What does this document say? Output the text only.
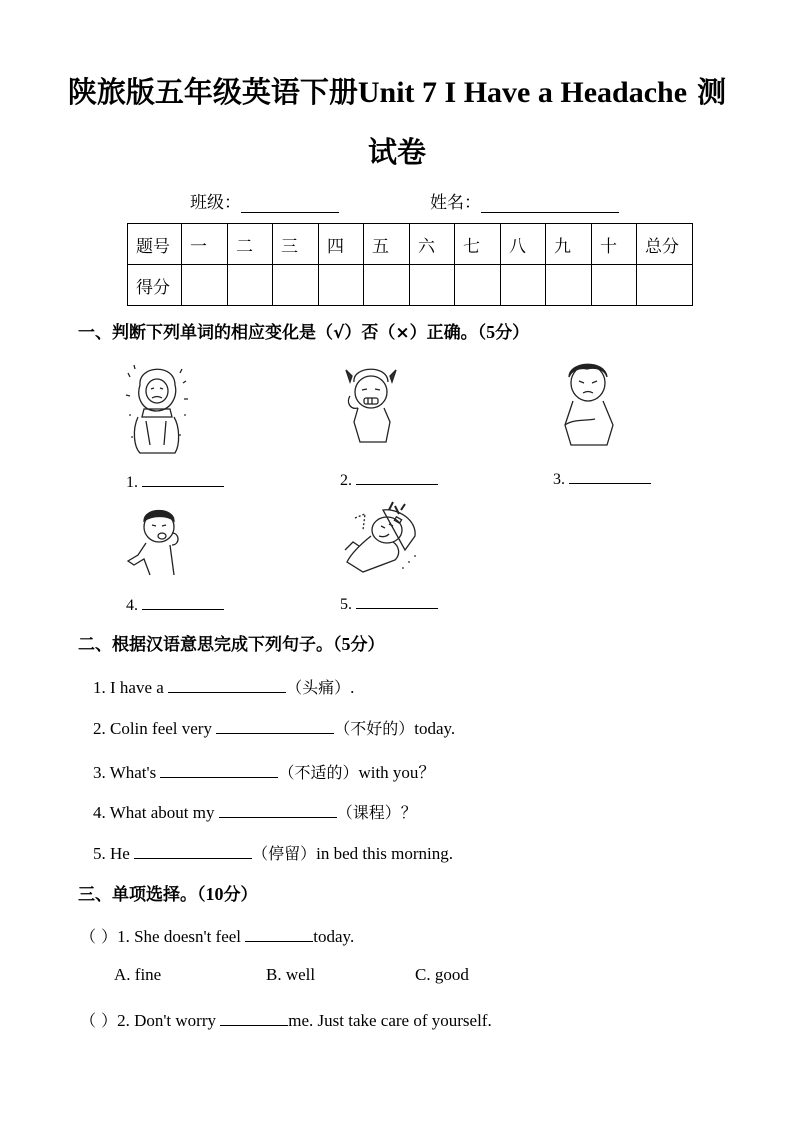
陕旅版五年级英语下册Unit 7 I Have a Headache 测
试卷
班级：	姓名：
题号	一	二	三	四	五	六	七	八	九	十	总分
得分											
一、判断下列单词的相应变化是（√）否（×）正确。（5分）
1.	2.	3.
4.	5.
二、根据汉语意思完成下列句子。（5分）
1. I have a	（头痛）.
2. Colin feel very	（不好的）today.
3. What's	（不适的）with you？
4. What about my	（课程）？
5. He	（停留）in bed this morning.
三、单项选择。（10分）
（ ）1. She doesn't feel	today.
A. fine	B. well	C. good
（ ）2. Don't worry	me. Just take care of yourself.
